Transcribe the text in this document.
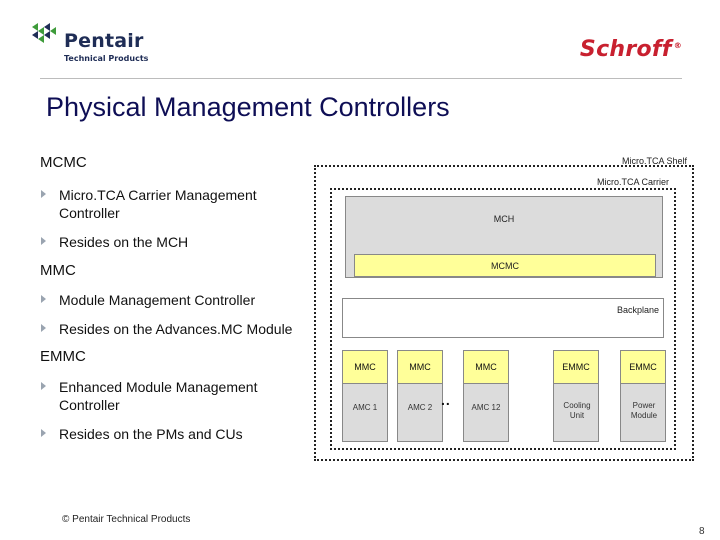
Pentair
Technical Products	Schroff ®
Physical Management Controllers
MCMC
Micro.TCA Carrier Management Controller
Resides on the MCH
MMC
Module Management Controller
Resides on the Advances.MC Module
EMMC
Enhanced Module Management Controller
Resides on the PMs and CUs
Micro.TCA Shelf
Micro.TCA Carrier
MCH
MCMC
Backplane
MMC
AMC 1
MMC
AMC 2 ..
MMC
AMC 12
EMMC
Cooling Unit
EMMC
Power Module
© Pentair Technical Products
8
